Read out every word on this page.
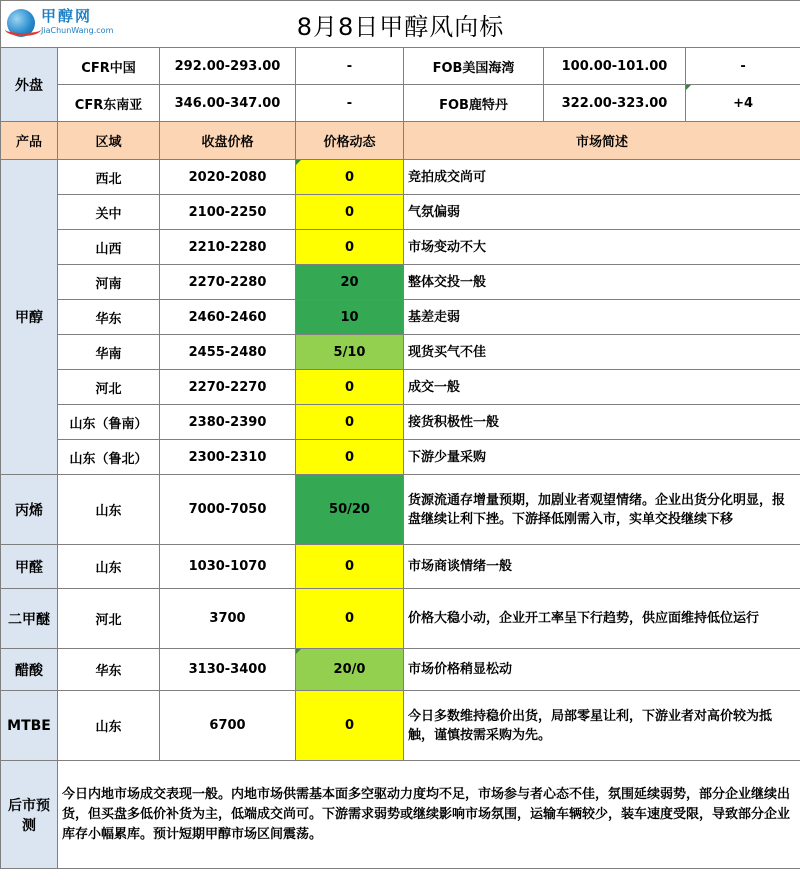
甲醇网
JiaChunWang.com 8月8日甲醇风向标						
外盘	CFR中国	292.00-293.00	-	FOB美国海湾	100.00-101.00	-
	CFR东南亚	346.00-347.00	-	FOB鹿特丹	322.00-323.00	+4
产品	区域	收盘价格	价格动态	市场简述		
甲醇	西北	2020-2080	0	竞拍成交尚可		
	关中	2100-2250	0	气氛偏弱		
	山西	2210-2280	0	市场变动不大		
	河南	2270-2280	20	整体交投一般		
	华东	2460-2460	10	基差走弱		
	华南	2455-2480	5/10	现货买气不佳		
	河北	2270-2270	0	成交一般		
	山东（鲁南）	2380-2390	0	接货积极性一般		
	山东（鲁北）	2300-2310	0	下游少量采购		
丙烯	山东	7000-7050	50/20	货源流通存增量预期，加剧业者观望情绪。企业出货分化明显，报盘继续让利下挫。下游择低刚需入市，实单交投继续下移		
甲醛	山东	1030-1070	0	市场商谈情绪一般		
二甲醚	河北	3700	0	价格大稳小动，企业开工率呈下行趋势，供应面维持低位运行		
醋酸	华东	3130-3400	20/0	市场价格稍显松动		
MTBE	山东	6700	0	今日多数维持稳价出货，局部零星让利，下游业者对高价较为抵触，谨慎按需采购为先。		
后市预测	今日内地市场成交表现一般。内地市场供需基本面多空驱动力度均不足，市场参与者心态不佳，氛围延续弱势，部分企业继续出货，但买盘多低价补货为主，低端成交尚可。下游需求弱势或继续影响市场氛围，运输车辆较少，装车速度受限，导致部分企业库存小幅累库。预计短期甲醇市场区间震荡。					
